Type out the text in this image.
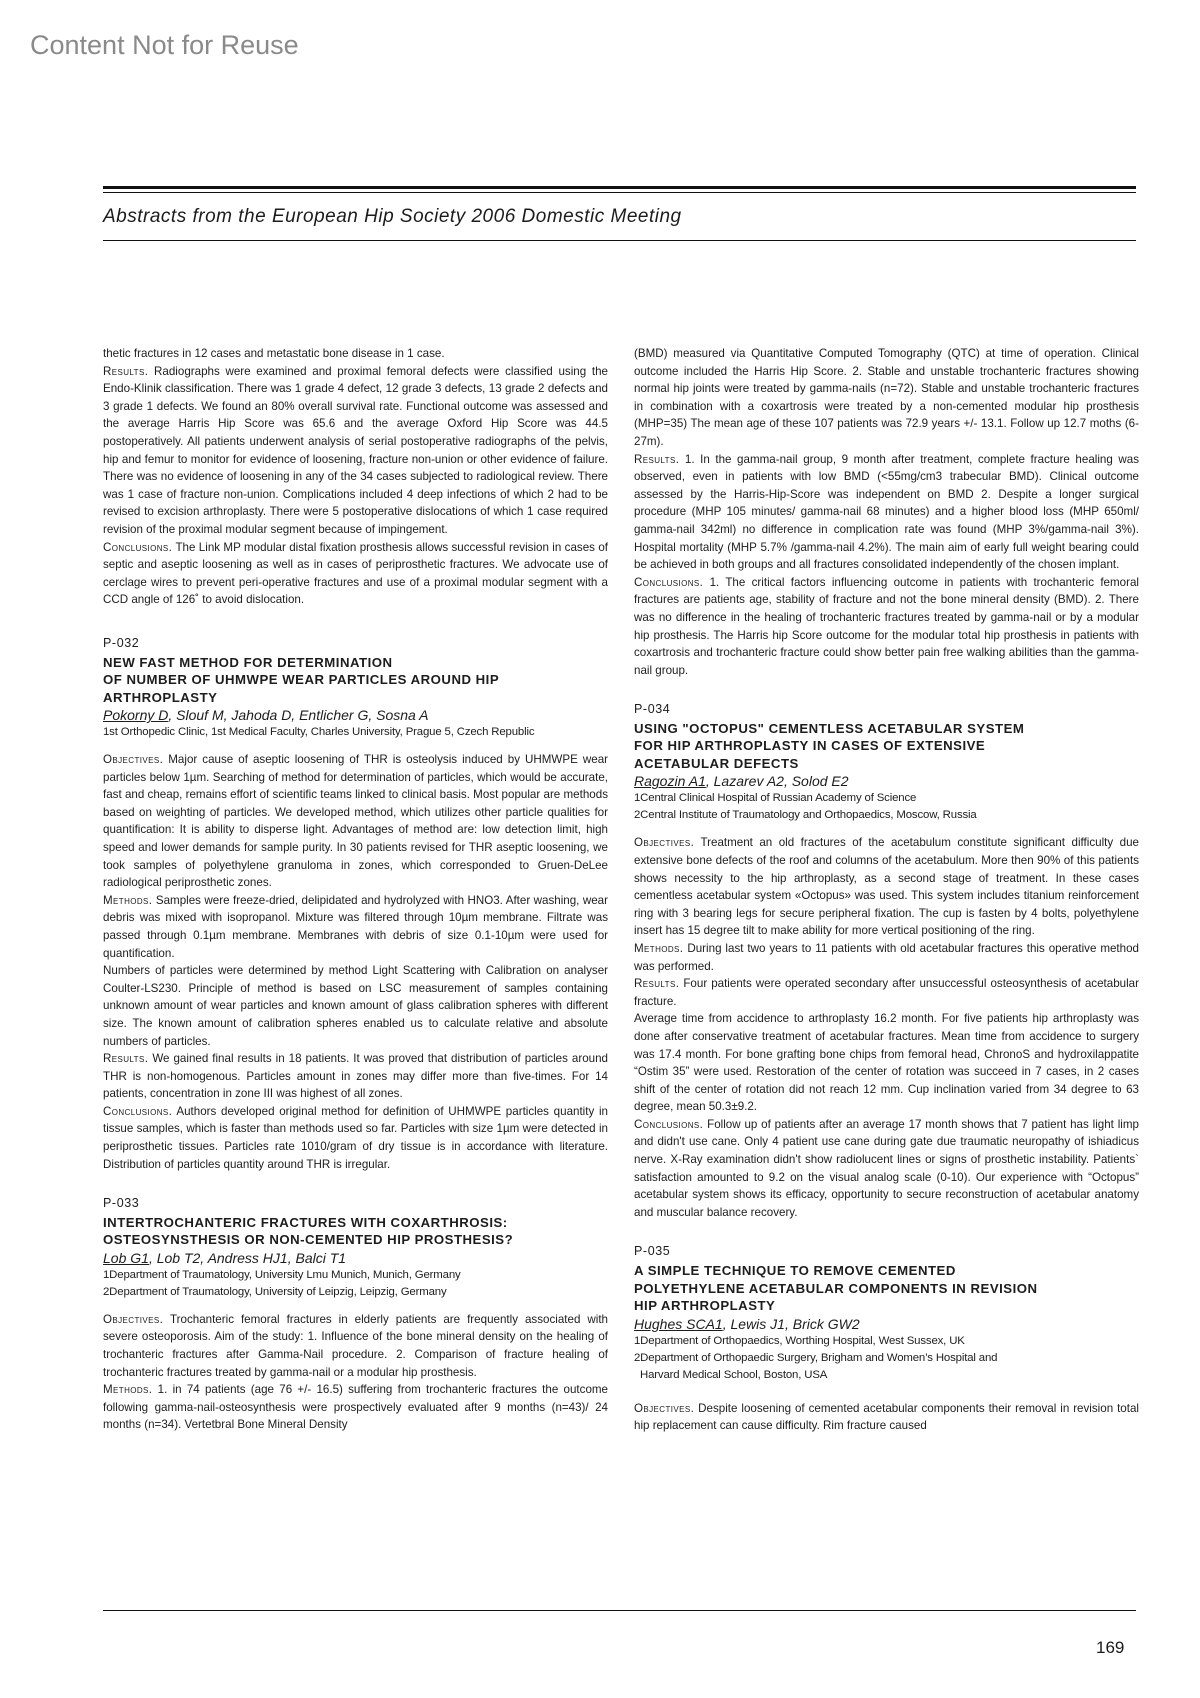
Content Not for Reuse
Abstracts from the European Hip Society 2006 Domestic Meeting

thetic fractures in 12 cases and metastatic bone disease in 1 case.

Results. Radiographs were examined and proximal femoral defects were classified using the Endo-Klinik classification. There was 1 grade 4 defect, 12 grade 3 defects, 13 grade 2 defects and 3 grade 1 defects. We found an 80% overall survival rate. Functional outcome was assessed and the average Harris Hip Score was 65.6 and the average Oxford Hip Score was 44.5 postoperatively. All patients underwent analysis of serial postoperative radiographs of the pelvis, hip and femur to monitor for evidence of loosening, fracture non-union or other evidence of failure. There was no evidence of loosening in any of the 34 cases subjected to radiological review. There was 1 case of fracture non-union. Complications included 4 deep infections of which 2 had to be revised to excision arthroplasty. There were 5 postoperative dislocations of which 1 case required revision of the proximal modular segment because of impingement.

Conclusions. The Link MP modular distal fixation prosthesis allows successful revision in cases of septic and aseptic loosening as well as in cases of periprosthetic fractures. We advocate use of cerclage wires to prevent peri-operative fractures and use of a proximal modular segment with a CCD angle of 126˚ to avoid dislocation.

P-032
NEW FAST METHOD FOR DETERMINATION
OF NUMBER OF UHMWPE WEAR PARTICLES AROUND HIP
ARTHROPLASTY
Pokorny D, Slouf M, Jahoda D, Entlicher G, Sosna A
1st Orthopedic Clinic, 1st Medical Faculty, Charles University, Prague 5, Czech Republic

Objectives. Major cause of aseptic loosening of THR is osteolysis induced by UHMWPE wear particles below 1µm. Searching of method for determination of particles, which would be accurate, fast and cheap, remains effort of scientific teams linked to clinical basis. Most popular are methods based on weighting of particles. We developed method, which utilizes other particle qualities for quantification: It is ability to disperse light. Advantages of method are: low detection limit, high speed and lower demands for sample purity. In 30 patients revised for THR aseptic loosening, we took samples of polyethylene granuloma in zones, which corresponded to Gruen-DeLee radiological periprosthetic zones.

Methods. Samples were freeze-dried, delipidated and hydrolyzed with HNO3. After washing, wear debris was mixed with isopropanol. Mixture was filtered through 10µm membrane. Filtrate was passed through 0.1µm membrane. Membranes with debris of size 0.1-10µm were used for quantification.

Numbers of particles were determined by method Light Scattering with Calibration on analyser Coulter-LS230. Principle of method is based on LSC measurement of samples containing unknown amount of wear particles and known amount of glass calibration spheres with different size. The known amount of calibration spheres enabled us to calculate relative and absolute numbers of particles.

Results. We gained final results in 18 patients. It was proved that distribution of particles around THR is non-homogenous. Particles amount in zones may differ more than five-times. For 14 patients, concentration in zone III was highest of all zones.

Conclusions. Authors developed original method for definition of UHMWPE particles quantity in tissue samples, which is faster than methods used so far. Particles with size 1µm were detected in periprosthetic tissues. Particles rate 1010/gram of dry tissue is in accordance with literature. Distribution of particles quantity around THR is irregular.

P-033
INTERTROCHANTERIC FRACTURES WITH COXARTHROSIS:
OSTEOSYNSTHESIS OR NON-CEMENTED HIP PROSTHESIS?
Lob G1, Lob T2, Andress HJ1, Balci T1
1Department of Traumatology, University Lmu Munich, Munich, Germany
2Department of Traumatology, University of Leipzig, Leipzig, Germany

Objectives. Trochanteric femoral fractures in elderly patients are frequently associated with severe osteoporosis. Aim of the study: 1. Influence of the bone mineral density on the healing of trochanteric fractures after Gamma-Nail procedure. 2. Comparison of fracture healing of trochanteric fractures treated by gamma-nail or a modular hip prosthesis.

Methods. 1. in 74 patients (age 76 +/- 16.5) suffering from trochanteric fractures the outcome following gamma-nail-osteosynthesis were prospectively evaluated after 9 months (n=43)/ 24 months (n=34). Vertetbral Bone Mineral Density

(BMD) measured via Quantitative Computed Tomography (QTC) at time of operation. Clinical outcome included the Harris Hip Score. 2. Stable and unstable trochanteric fractures showing normal hip joints were treated by gamma-nails (n=72). Stable and unstable trochanteric fractures in combination with a coxartrosis were treated by a non-cemented modular hip prosthesis (MHP=35) The mean age of these 107 patients was 72.9 years +/- 13.1. Follow up 12.7 moths (6-27m).

Results. 1. In the gamma-nail group, 9 month after treatment, complete fracture healing was observed, even in patients with low BMD (<55mg/cm3 trabecular BMD). Clinical outcome assessed by the Harris-Hip-Score was independent on BMD 2. Despite a longer surgical procedure (MHP 105 minutes/ gamma-nail 68 minutes) and a higher blood loss (MHP 650ml/ gamma-nail 342ml) no difference in complication rate was found (MHP 3%/gamma-nail 3%). Hospital mortality (MHP 5.7% /gamma-nail 4.2%). The main aim of early full weight bearing could be achieved in both groups and all fractures consolidated independently of the chosen implant.

Conclusions. 1. The critical factors influencing outcome in patients with trochanteric femoral fractures are patients age, stability of fracture and not the bone mineral density (BMD). 2. There was no difference in the healing of trochanteric fractures treated by gamma-nail or by a modular hip prosthesis. The Harris hip Score outcome for the modular total hip prosthesis in patients with coxartrosis and trochanteric fracture could show better pain free walking abilities than the gamma-nail group.

P-034
USING "OCTOPUS" CEMENTLESS ACETABULAR SYSTEM
FOR HIP ARTHROPLASTY IN CASES OF EXTENSIVE
ACETABULAR DEFECTS
Ragozin A1, Lazarev A2, Solod E2
1Central Clinical Hospital of Russian Academy of Science
2Central Institute of Traumatology and Orthopaedics, Moscow, Russia

Objectives. Treatment an old fractures of the acetabulum constitute significant difficulty due extensive bone defects of the roof and columns of the acetabulum. More then 90% of this patients shows necessity to the hip arthroplasty, as a second stage of treatment. In these cases cementless acetabular system «Octopus» was used. This system includes titanium reinforcement ring with 3 bearing legs for secure peripheral fixation. The cup is fasten by 4 bolts, polyethylene insert has 15 degree tilt to make ability for more vertical positioning of the ring.

Methods. During last two years to 11 patients with old acetabular fractures this operative method was performed.

Results. Four patients were operated secondary after unsuccessful osteosynthesis of acetabular fracture.

Average time from accidence to arthroplasty 16.2 month. For five patients hip arthroplasty was done after conservative treatment of acetabular fractures. Mean time from accidence to surgery was 17.4 month. For bone grafting bone chips from femoral head, ChronoS and hydroxilappatite “Ostim 35” were used. Restoration of the center of rotation was succeed in 7 cases, in 2 cases shift of the center of rotation did not reach 12 mm. Cup inclination varied from 34 degree to 63 degree, mean 50.3±9.2.

Conclusions. Follow up of patients after an average 17 month shows that 7 patient has light limp and didn't use cane. Only 4 patient use cane during gate due traumatic neuropathy of ishiadicus nerve. X-Ray examination didn't show radiolucent lines or signs of prosthetic instability. Patients` satisfaction amounted to 9.2 on the visual analog scale (0-10). Our experience with “Octopus” acetabular system shows its efficacy, opportunity to secure reconstruction of acetabular anatomy and muscular balance recovery.

P-035
A SIMPLE TECHNIQUE TO REMOVE CEMENTED
POLYETHYLENE ACETABULAR COMPONENTS IN REVISION
HIP ARTHROPLASTY
Hughes SCA1, Lewis J1, Brick GW2
1Department of Orthopaedics, Worthing Hospital, West Sussex, UK
2Department of Orthopaedic Surgery, Brigham and Women’s Hospital and
Harvard Medical School, Boston, USA

Objectives. Despite loosening of cemented acetabular components their removal in revision total hip replacement can cause difficulty. Rim fracture caused

169
